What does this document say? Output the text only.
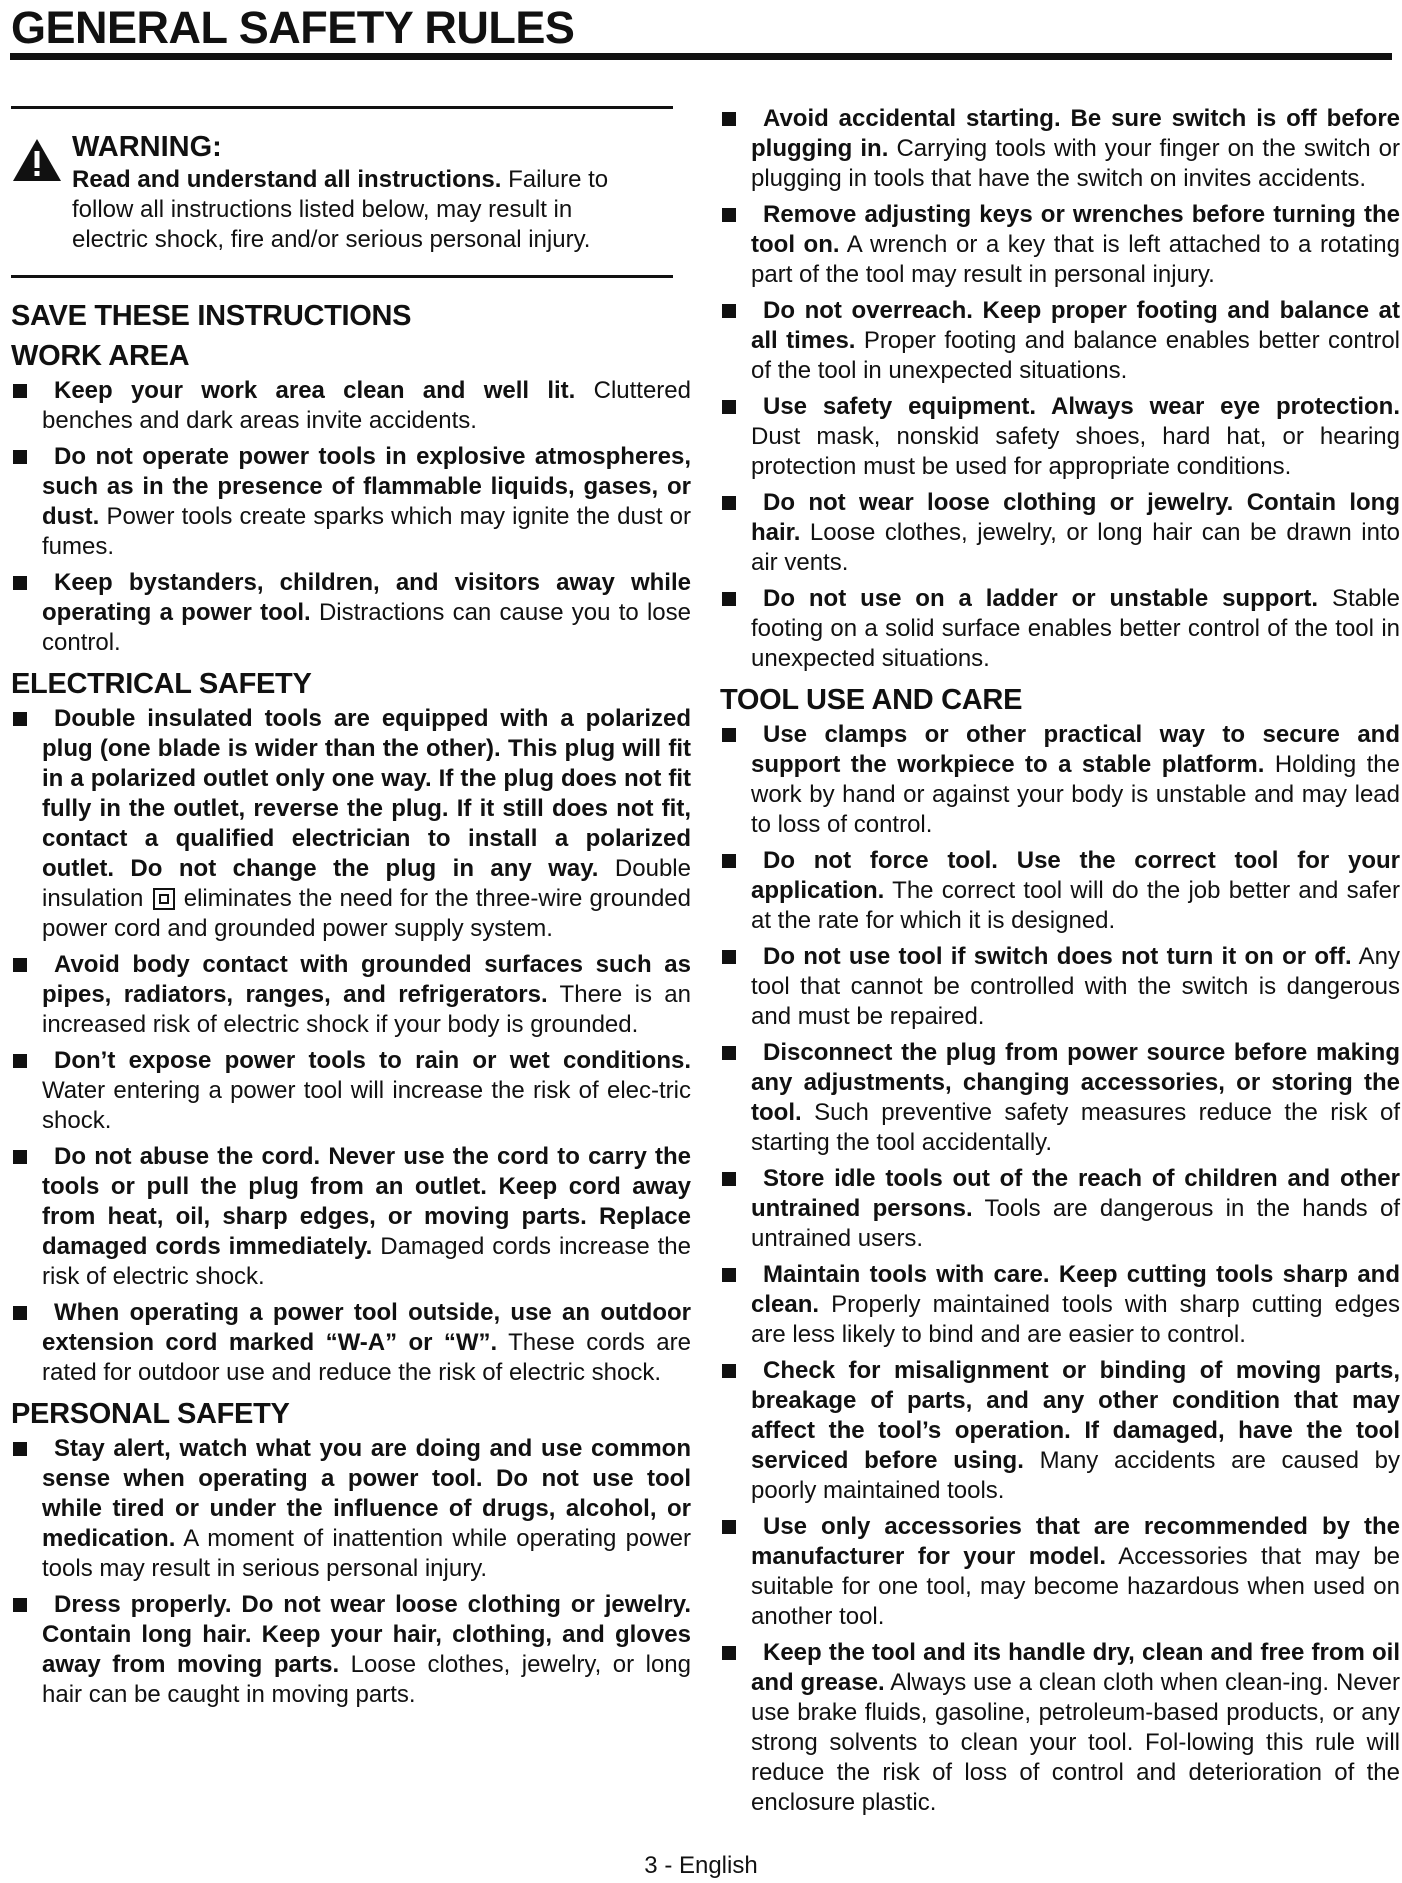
GENERAL SAFETY RULES
WARNING:
Read and understand all instructions. Failure to follow all instructions listed below, may result in electric shock, fire and/or serious personal injury.
SAVE THESE INSTRUCTIONS
WORK AREA
Keep your work area clean and well lit. Cluttered benches and dark areas invite accidents.
Do not operate power tools in explosive atmospheres, such as in the presence of flammable liquids, gases, or dust. Power tools create sparks which may ignite the dust or fumes.
Keep bystanders, children, and visitors away while operating a power tool. Distractions can cause you to lose control.
ELECTRICAL SAFETY
Double insulated tools are equipped with a polarized plug (one blade is wider than the other). This plug will fit in a polarized outlet only one way. If the plug does not fit fully in the outlet, reverse the plug. If it still does not fit, contact a qualified electrician to install a polarized outlet. Do not change the plug in any way. Double insulation  eliminates the need for the three-wire grounded power cord and grounded power supply system.
Avoid body contact with grounded surfaces such as pipes, radiators, ranges, and refrigerators. There is an increased risk of electric shock if your body is grounded.
Don’t expose power tools to rain or wet conditions. Water entering a power tool will increase the risk of elec-tric shock.
Do not abuse the cord. Never use the cord to carry the tools or pull the plug from an outlet. Keep cord away from heat, oil, sharp edges, or moving parts. Replace damaged cords immediately. Damaged cords increase the risk of electric shock.
When operating a power tool outside, use an outdoor extension cord marked “W-A” or “W”. These cords are rated for outdoor use and reduce the risk of electric shock.
PERSONAL SAFETY
Stay alert, watch what you are doing and use common sense when operating a power tool. Do not use tool while tired or under the influence of drugs, alcohol, or medication. A moment of inattention while operating power tools may result in serious personal injury.
Dress properly. Do not wear loose clothing or jewelry. Contain long hair. Keep your hair, clothing, and gloves away from moving parts. Loose clothes, jewelry, or long hair can be caught in moving parts.
Avoid accidental starting. Be sure switch is off before plugging in. Carrying tools with your finger on the switch or plugging in tools that have the switch on invites accidents.
Remove adjusting keys or wrenches before turning the tool on. A wrench or a key that is left attached to a rotating part of the tool may result in personal injury.
Do not overreach. Keep proper footing and balance at all times. Proper footing and balance enables better control of the tool in unexpected situations.
Use safety equipment. Always wear eye protection. Dust mask, nonskid safety shoes, hard hat, or hearing protection must be used for appropriate conditions.
Do not wear loose clothing or jewelry. Contain long hair. Loose clothes, jewelry, or long hair can be drawn into air vents.
Do not use on a ladder or unstable support. Stable footing on a solid surface enables better control of the tool in unexpected situations.
TOOL USE AND CARE
Use clamps or other practical way to secure and support the workpiece to a stable platform. Holding the work by hand or against your body is unstable and may lead to loss of control.
Do not force tool. Use the correct tool for your application. The correct tool will do the job better and safer at the rate for which it is designed.
Do not use tool if switch does not turn it on or off. Any tool that cannot be controlled with the switch is dangerous and must be repaired.
Disconnect the plug from power source before making any adjustments, changing accessories, or storing the tool. Such preventive safety measures reduce the risk of starting the tool accidentally.
Store idle tools out of the reach of children and other untrained persons. Tools are dangerous in the hands of untrained users.
Maintain tools with care. Keep cutting tools sharp and clean. Properly maintained tools with sharp cutting edges are less likely to bind and are easier to control.
Check for misalignment or binding of moving parts, breakage of parts, and any other condition that may affect the tool’s operation. If damaged, have the tool serviced before using. Many accidents are caused by poorly maintained tools.
Use only accessories that are recommended by the manufacturer for your model. Accessories that may be suitable for one tool, may become hazardous when used on another tool.
Keep the tool and its handle dry, clean and free from oil and grease. Always use a clean cloth when clean-ing. Never use brake fluids, gasoline, petroleum-based products, or any strong solvents to clean your tool. Fol-lowing this rule will reduce the risk of loss of control and deterioration of the enclosure plastic.
3 - English
